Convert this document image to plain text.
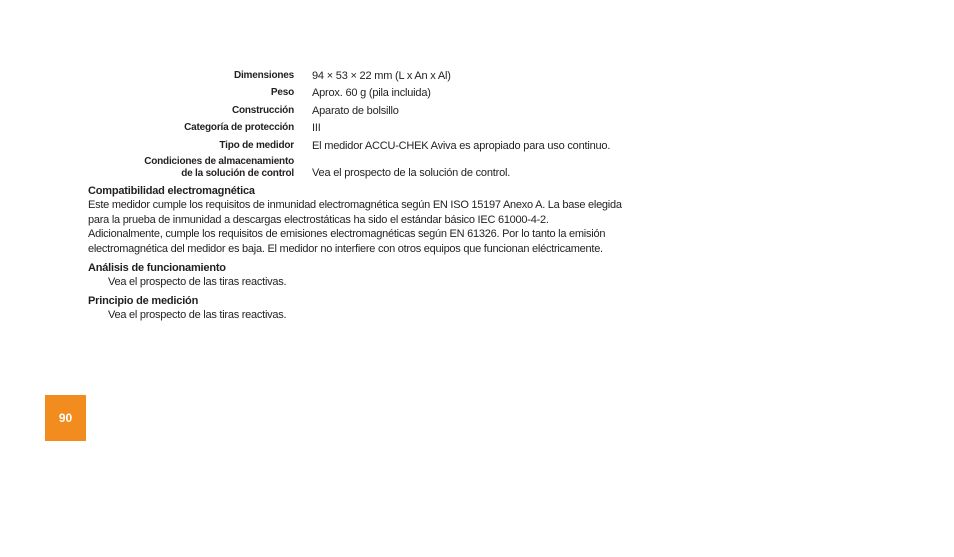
Dimensiones 94 × 53 × 22 mm (L x An x Al)
Peso Aprox. 60 g (pila incluida)
Construcción Aparato de bolsillo
Categoría de protección III
Tipo de medidor El medidor ACCU-CHEK Aviva es apropiado para uso continuo.
Condiciones de almacenamiento
de la solución de control Vea el prospecto de la solución de control.
Compatibilidad electromagnética
Este medidor cumple los requisitos de inmunidad electromagnética según EN ISO 15197 Anexo A. La base elegida
para la prueba de inmunidad a descargas electrostáticas ha sido el estándar básico IEC 61000-4-2.
Adicionalmente, cumple los requisitos de emisiones electromagnéticas según EN 61326. Por lo tanto la emisión
electromagnética del medidor es baja. El medidor no interfiere con otros equipos que funcionan eléctricamente.
Análisis de funcionamiento
Vea el prospecto de las tiras reactivas.
Principio de medición
Vea el prospecto de las tiras reactivas.
90
